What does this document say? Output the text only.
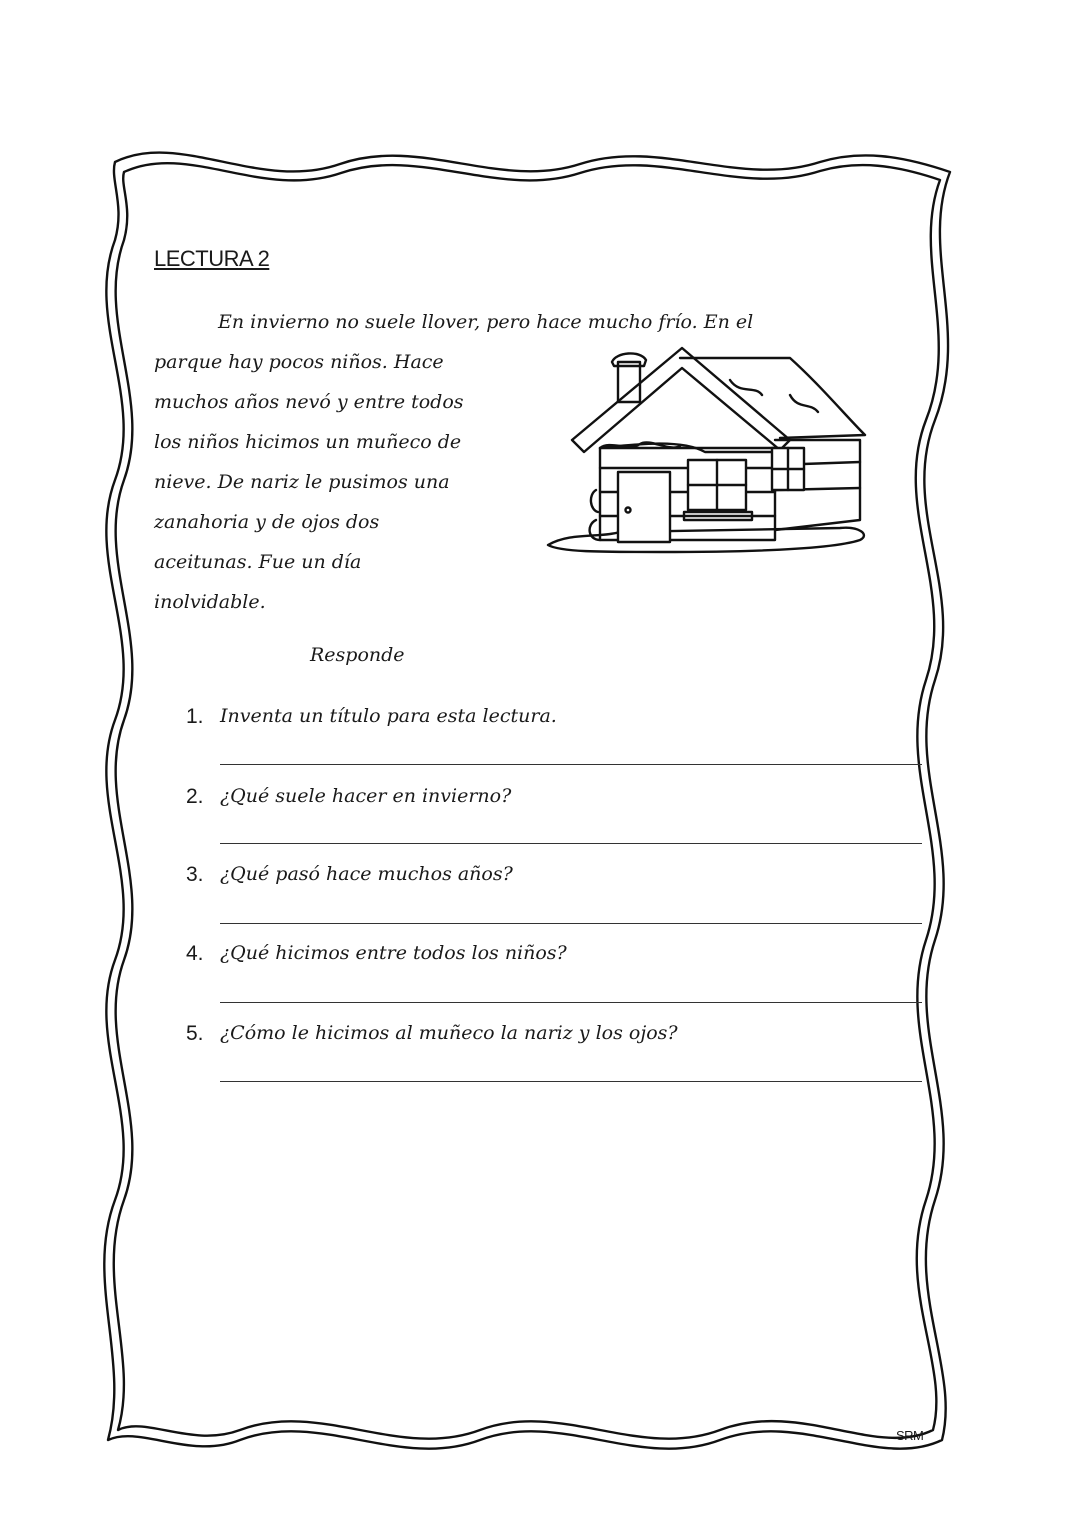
LECTURA 2
En invierno no suele llover, pero hace mucho frío. En el
parque hay pocos niños. Hace
muchos años nevó y entre todos
los niños hicimos un muñeco de
nieve. De nariz le pusimos una
zanahoria y de ojos dos
aceitunas. Fue un día
inolvidable.
Responde
1. Inventa un título para esta lectura.
2. ¿Qué suele hacer en invierno?
3. ¿Qué pasó hace muchos años?
4. ¿Qué hicimos entre todos los niños?
5. ¿Cómo le hicimos al muñeco la nariz y los ojos?
SRM
